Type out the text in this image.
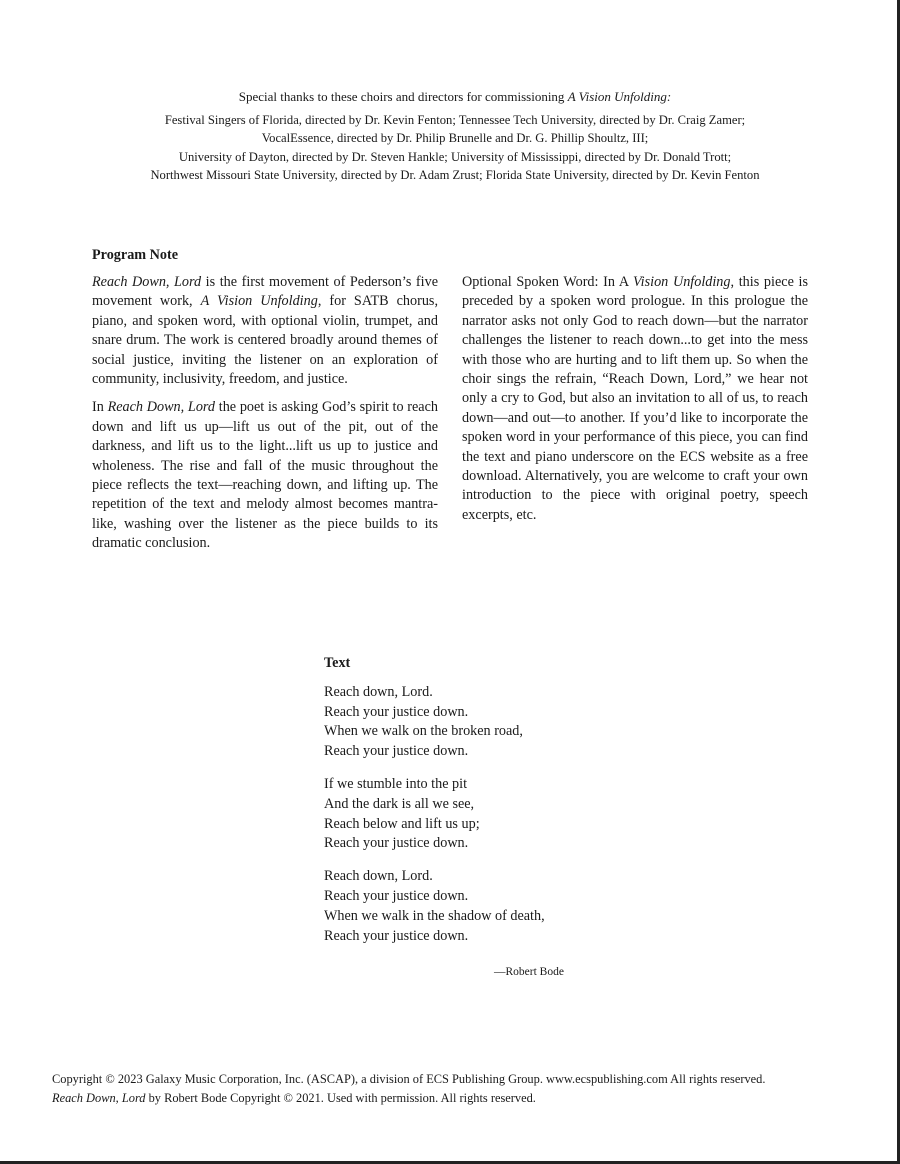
Special thanks to these choirs and directors for commissioning A Vision Unfolding:

Festival Singers of Florida, directed by Dr. Kevin Fenton; Tennessee Tech University, directed by Dr. Craig Zamer;

VocalEssence, directed by Dr. Philip Brunelle and Dr. G. Phillip Shoultz, III;

University of Dayton, directed by Dr. Steven Hankle; University of Mississippi, directed by Dr. Donald Trott;

Northwest Missouri State University, directed by Dr. Adam Zrust; Florida State University, directed by Dr. Kevin Fenton

Program Note

Reach Down, Lord is the first movement of Pederson’s five movement work, A Vision Unfolding, for SATB chorus, piano, and spoken word, with optional violin, trumpet, and snare drum. The work is centered broadly around themes of social justice, inviting the listener on an exploration of community, inclusivity, freedom, and justice.

In Reach Down, Lord the poet is asking God’s spirit to reach down and lift us up—lift us out of the pit, out of the darkness, and lift us to the light...lift us up to justice and wholeness. The rise and fall of the music throughout the piece reflects the text—reaching down, and lifting up. The repetition of the text and melody almost becomes mantra-like, washing over the listener as the piece builds to its dramatic conclusion.

Optional Spoken Word: In A Vision Unfolding, this piece is preceded by a spoken word prologue. In this prologue the narrator asks not only God to reach down—but the narrator challenges the listener to reach down...to get into the mess with those who are hurting and to lift them up. So when the choir sings the refrain, “Reach Down, Lord,” we hear not only a cry to God, but also an invitation to all of us, to reach down—and out—to another. If you’d like to incorporate the spoken word in your performance of this piece, you can find the text and piano underscore on the ECS website as a free download. Alternatively, you are welcome to craft your own introduction to the piece with original poetry, speech excerpts, etc.

Text
Reach down, Lord.
Reach your justice down.
When we walk on the broken road,
Reach your justice down.
If we stumble into the pit
And the dark is all we see,
Reach below and lift us up;
Reach your justice down.
Reach down, Lord.
Reach your justice down.
When we walk in the shadow of death,
Reach your justice down.
—Robert Bode

Copyright © 2023 Galaxy Music Corporation, Inc. (ASCAP), a division of ECS Publishing Group. www.ecspublishing.com All rights reserved.

Reach Down, Lord by Robert Bode Copyright © 2021. Used with permission. All rights reserved.
